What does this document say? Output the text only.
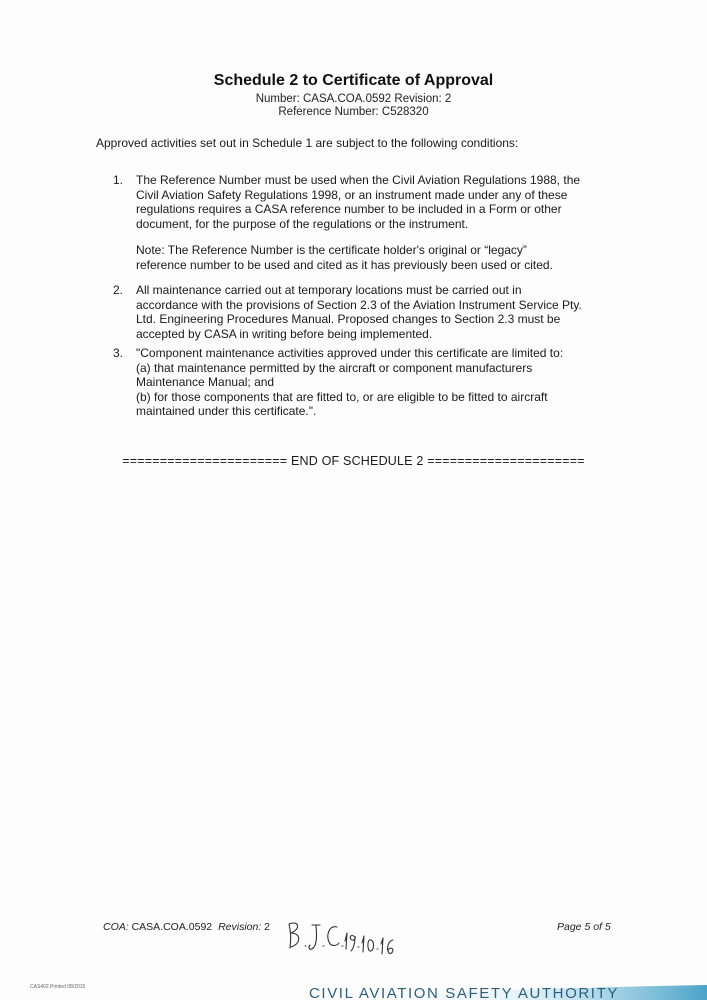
Schedule 2 to Certificate of Approval
Number: CASA.COA.0592 Revision: 2
Reference Number: C528320
Approved activities set out in Schedule 1 are subject to the following conditions:
1. The Reference Number must be used when the Civil Aviation Regulations 1988, the
Civil Aviation Safety Regulations 1998, or an instrument made under any of these
regulations requires a CASA reference number to be included in a Form or other
document, for the purpose of the regulations or the instrument.
Note: The Reference Number is the certificate holder's original or “legacy”
reference number to be used and cited as it has previously been used or cited.
2. All maintenance carried out at temporary locations must be carried out in
accordance with the provisions of Section 2.3 of the Aviation Instrument Service Pty.
Ltd. Engineering Procedures Manual. Proposed changes to Section 2.3 must be
accepted by CASA in writing before being implemented.
3. "Component maintenance activities approved under this certificate are limited to:
(a) that maintenance permitted by the aircraft or component manufacturers
Maintenance Manual; and
(b) for those components that are fitted to, or are eligible to be fitted to aircraft
maintained under this certificate.".
====================== END OF SCHEDULE 2 =====================
COA: CASA.COA.0592 Revision: 2	Page 5 of 5
CAS402 Printed 08/2015	CIVIL AVIATION SAFETY AUTHORITY
